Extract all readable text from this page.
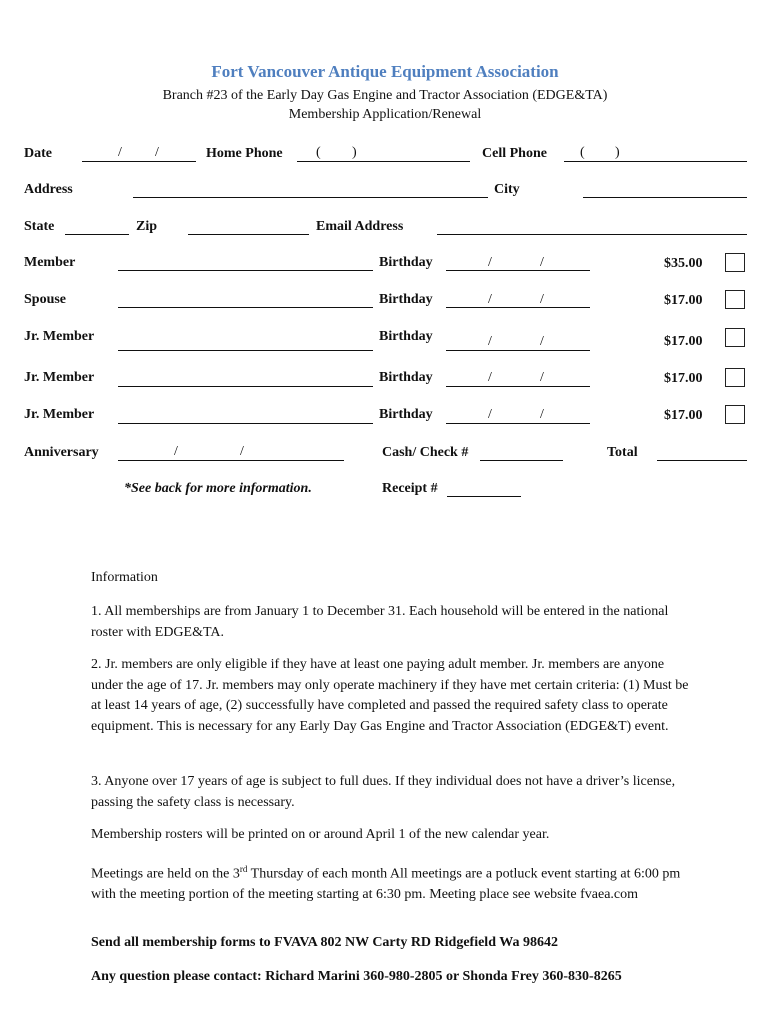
Fort Vancouver Antique Equipment Association
Branch #23 of the Early Day Gas Engine and Tractor Association (EDGE&TA)
Membership Application/Renewal
Date	/ /	Home Phone ( )	Cell Phone ( )
Address	City
State	Zip	Email Address
Member	Birthday	/	/	$35.00
Spouse	Birthday	/	/	$17.00
Jr. Member	Birthday	/	/	$17.00
Jr. Member	Birthday	/	/	$17.00
Jr. Member	Birthday	/	/	$17.00
Anniversary	/	/	Cash/ Check #	Total
*See back for more information.	Receipt #
Information
1. All memberships are from January 1 to December 31. Each household will be entered in the national roster with EDGE&TA.
2. Jr. members are only eligible if they have at least one paying adult member. Jr. members are anyone under the age of 17. Jr. members may only operate machinery if they have met certain criteria: (1) Must be at least 14 years of age, (2) successfully have completed and passed the required safety class to operate equipment. This is necessary for any Early Day Gas Engine and Tractor Association (EDGE&T) event.
3. Anyone over 17 years of age is subject to full dues. If they individual does not have a driver’s license, passing the safety class is necessary.
Membership rosters will be printed on or around April 1 of the new calendar year.
Meetings are held on the 3rd Thursday of each month All meetings are a potluck event starting at 6:00 pm with the meeting portion of the meeting starting at 6:30 pm. Meeting place see website fvaea.com
Send all membership forms to FVAVA 802 NW Carty RD Ridgefield Wa 98642
Any question please contact: Richard Marini 360-980-2805 or Shonda Frey 360-830-8265
